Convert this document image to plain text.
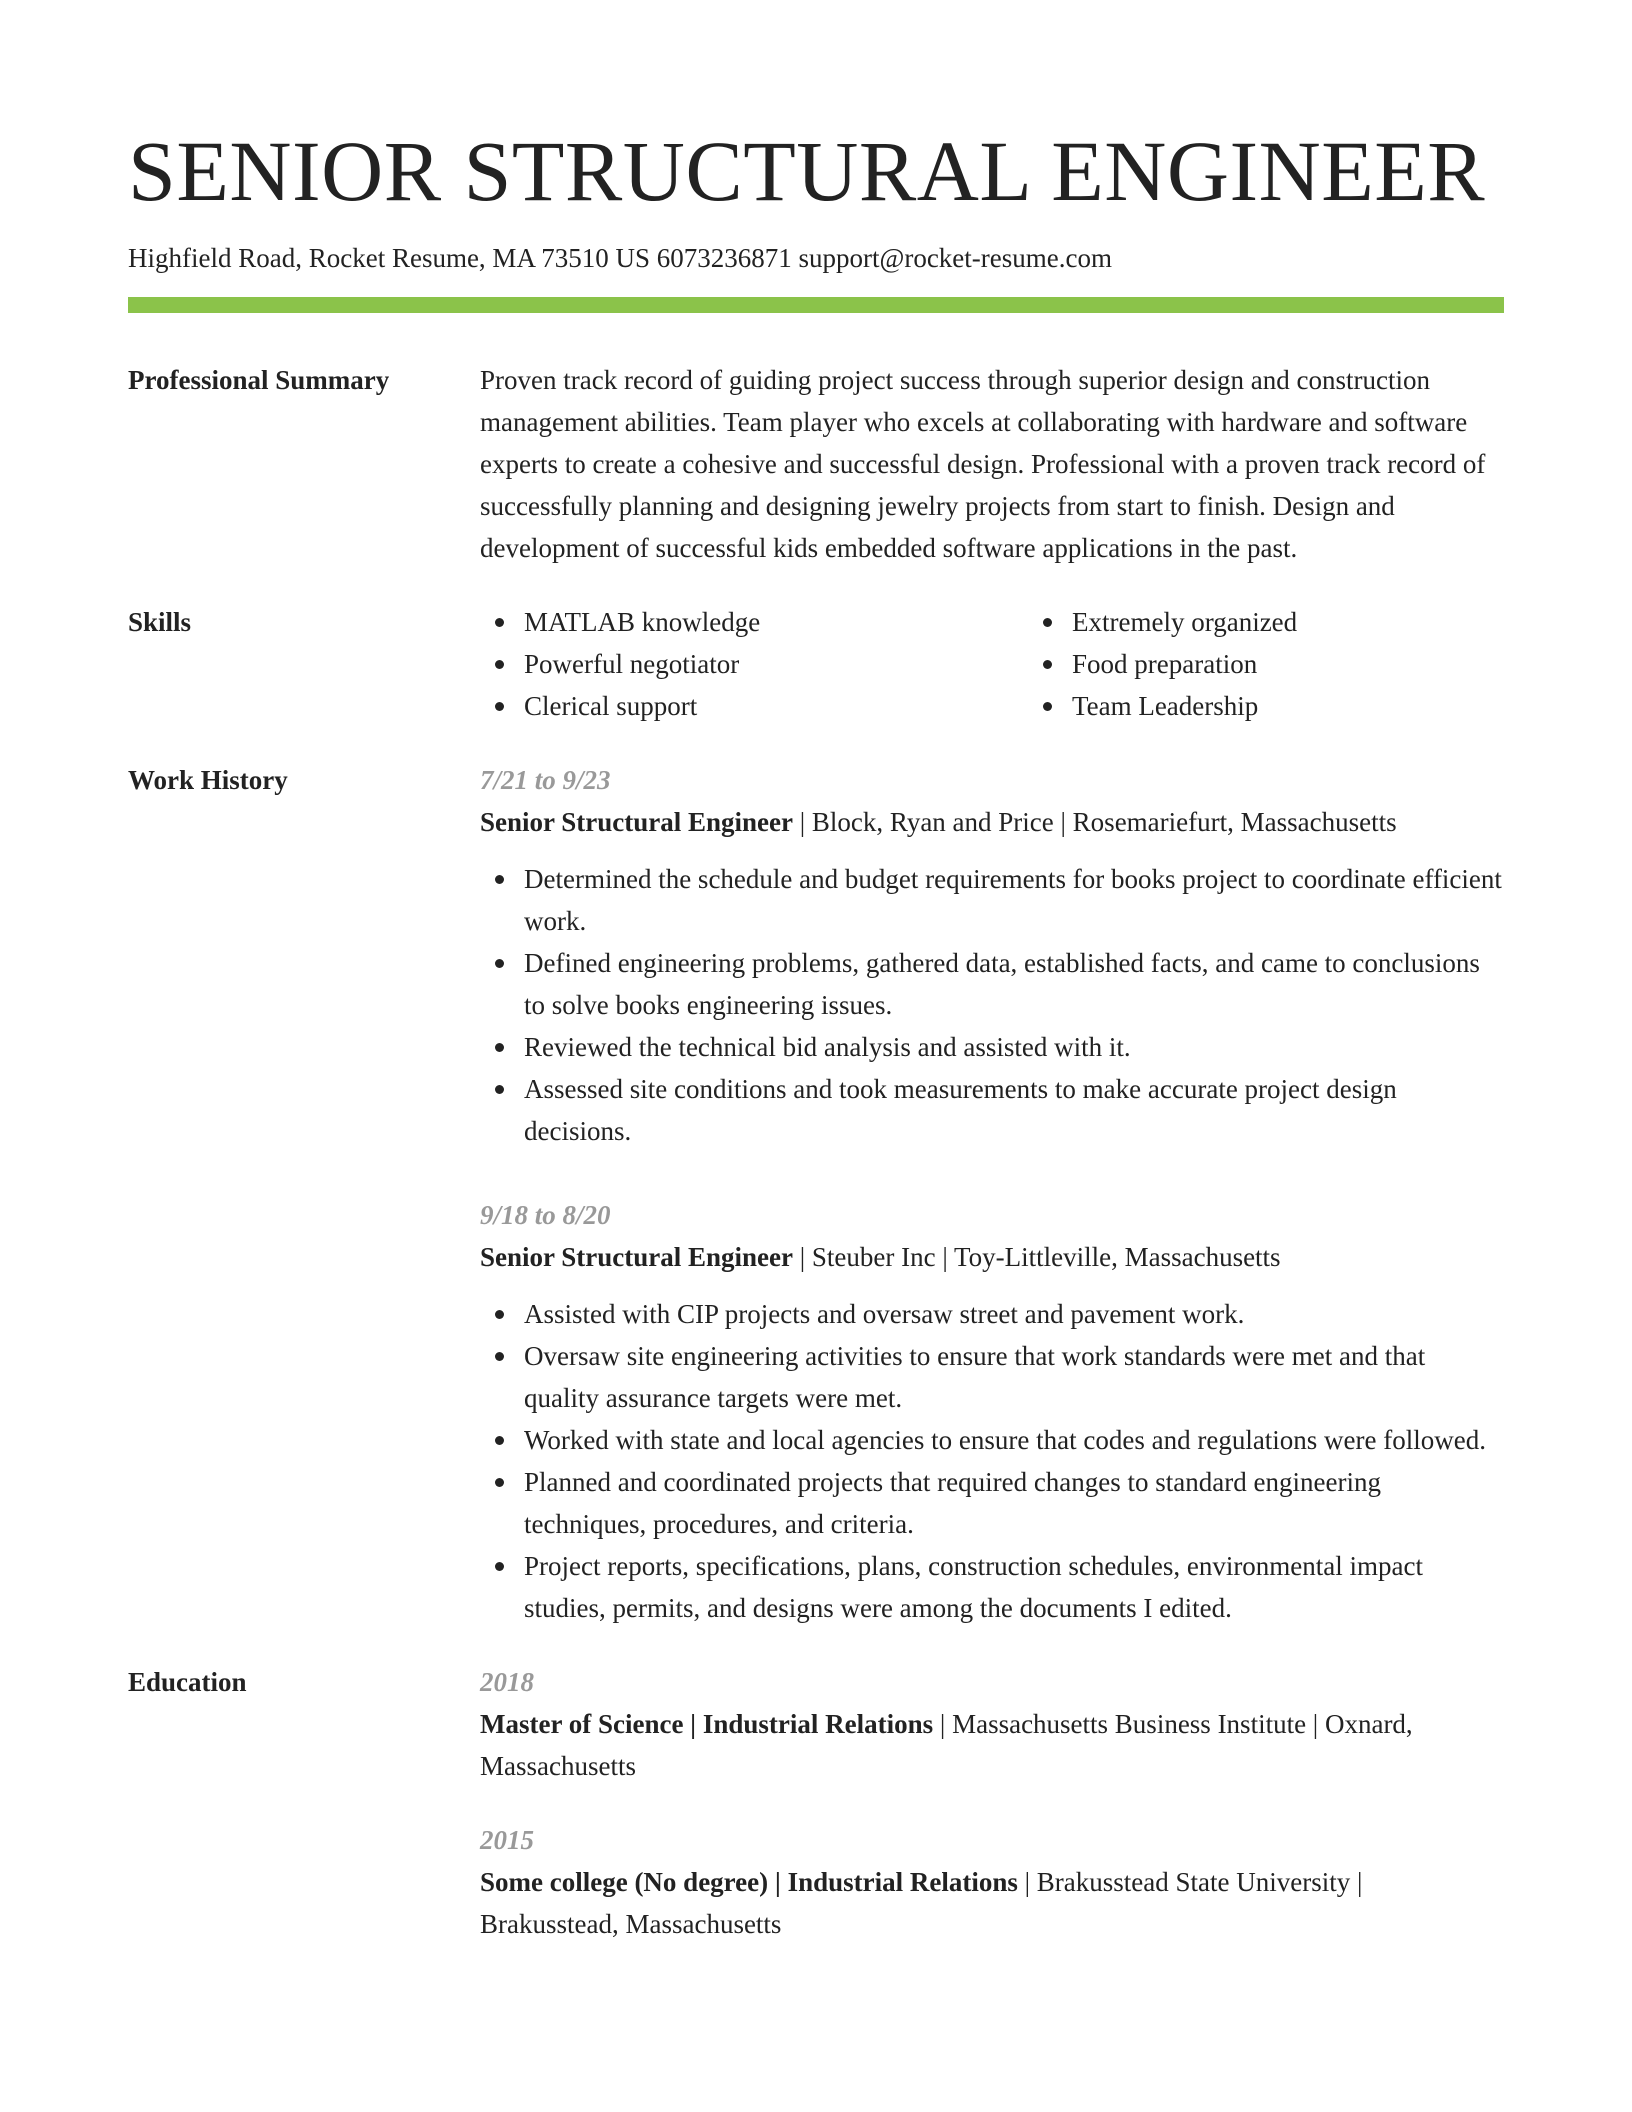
SENIOR STRUCTURAL ENGINEER
Highfield Road, Rocket Resume, MA 73510 US 6073236871 support@rocket-resume.com
Professional Summary	Proven track record of guiding project success through superior design and construction management abilities. Team player who excels at collaborating with hardware and software experts to create a cohesive and successful design. Professional with a proven track record of successfully planning and designing jewelry projects from start to finish. Design and development of successful kids embedded software applications in the past.
Skills	MATLAB knowledge
Powerful negotiator
Clerical support
Extremely organized
Food preparation
Team Leadership
Work History	7/21 to 9/23
Senior Structural Engineer | Block, Ryan and Price | Rosemariefurt, Massachusetts
Determined the schedule and budget requirements for books project to coordinate efficient work.
Defined engineering problems, gathered data, established facts, and came to conclusions to solve books engineering issues.
Reviewed the technical bid analysis and assisted with it.
Assessed site conditions and took measurements to make accurate project design decisions.
9/18 to 8/20
Senior Structural Engineer | Steuber Inc | Toy-Littleville, Massachusetts
Assisted with CIP projects and oversaw street and pavement work.
Oversaw site engineering activities to ensure that work standards were met and that quality assurance targets were met.
Worked with state and local agencies to ensure that codes and regulations were followed.
Planned and coordinated projects that required changes to standard engineering techniques, procedures, and criteria.
Project reports, specifications, plans, construction schedules, environmental impact studies, permits, and designs were among the documents I edited.
Education	2018
Master of Science | Industrial Relations | Massachusetts Business Institute | Oxnard, Massachusetts
2015
Some college (No degree) | Industrial Relations | Brakusstead State University | Brakusstead, Massachusetts
